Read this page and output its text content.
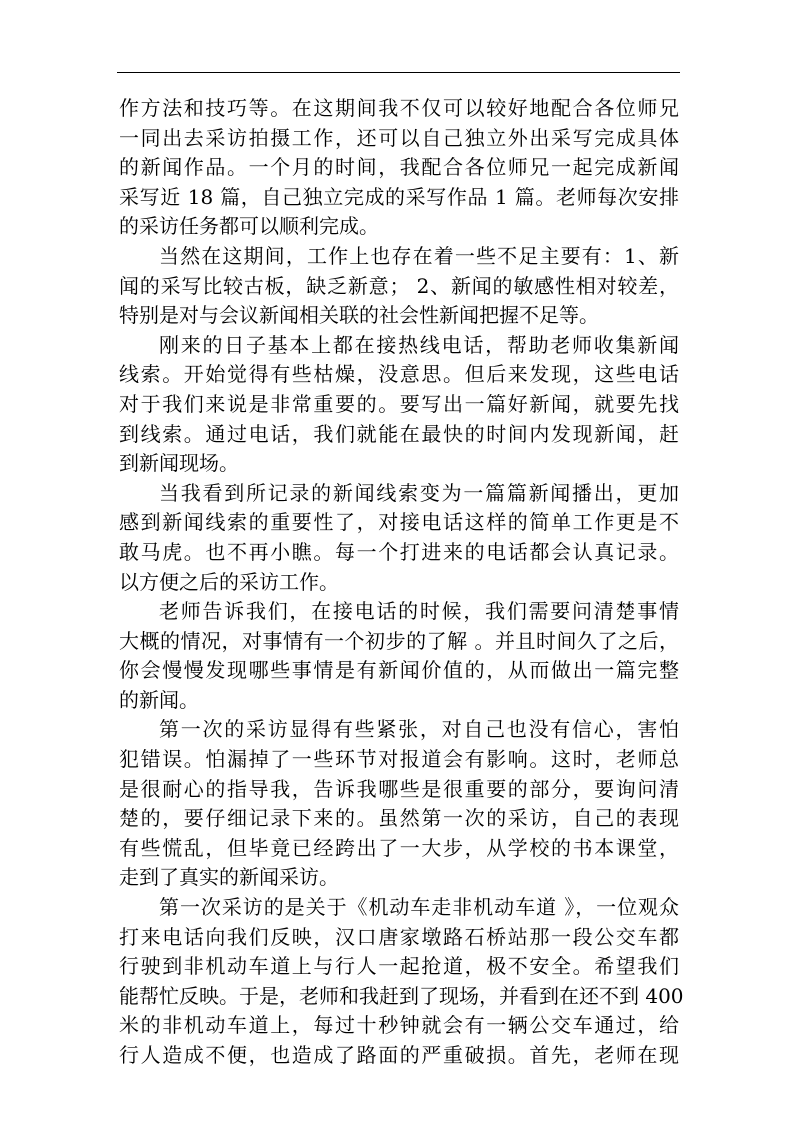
作方法和技巧等。在这期间我不仅可以较好地配合各位师兄
一同出去采访拍摄工作，还可以自己独立外出采写完成具体
的新闻作品。一个月的时间，我配合各位师兄一起完成新闻
采写近 18 篇，自己独立完成的采写作品 1 篇。老师每次安排
的采访任务都可以顺利完成。
当然在这期间，工作上也存在着一些不足主要有：1、新
闻的采写比较古板，缺乏新意； 2、新闻的敏感性相对较差，
特别是对与会议新闻相关联的社会性新闻把握不足等。
刚来的日子基本上都在接热线电话，帮助老师收集新闻
线索。开始觉得有些枯燥，没意思。但后来发现，这些电话
对于我们来说是非常重要的。要写出一篇好新闻，就要先找
到线索。通过电话，我们就能在最快的时间内发现新闻，赶
到新闻现场。
当我看到所记录的新闻线索变为一篇篇新闻播出，更加
感到新闻线索的重要性了，对接电话这样的简单工作更是不
敢马虎。也不再小瞧。每一个打进来的电话都会认真记录。
以方便之后的采访工作。
老师告诉我们，在接电话的时候，我们需要问清楚事情
大概的情况，对事情有一个初步的了解 。并且时间久了之后，
你会慢慢发现哪些事情是有新闻价值的，从而做出一篇完整
的新闻。
第一次的采访显得有些紧张，对自己也没有信心，害怕
犯错误。怕漏掉了一些环节对报道会有影响。这时，老师总
是很耐心的指导我，告诉我哪些是很重要的部分，要询问清
楚的，要仔细记录下来的。虽然第一次的采访，自己的表现
有些慌乱，但毕竟已经跨出了一大步，从学校的书本课堂，
走到了真实的新闻采访。
第一次采访的是关于《机动车走非机动车道 》，一位观众
打来电话向我们反映，汉口唐家墩路石桥站那一段公交车都
行驶到非机动车道上与行人一起抢道，极不安全。希望我们
能帮忙反映。于是，老师和我赶到了现场，并看到在还不到 400
米的非机动车道上，每过十秒钟就会有一辆公交车通过，给
行人造成不便，也造成了路面的严重破损。首先，老师在现
